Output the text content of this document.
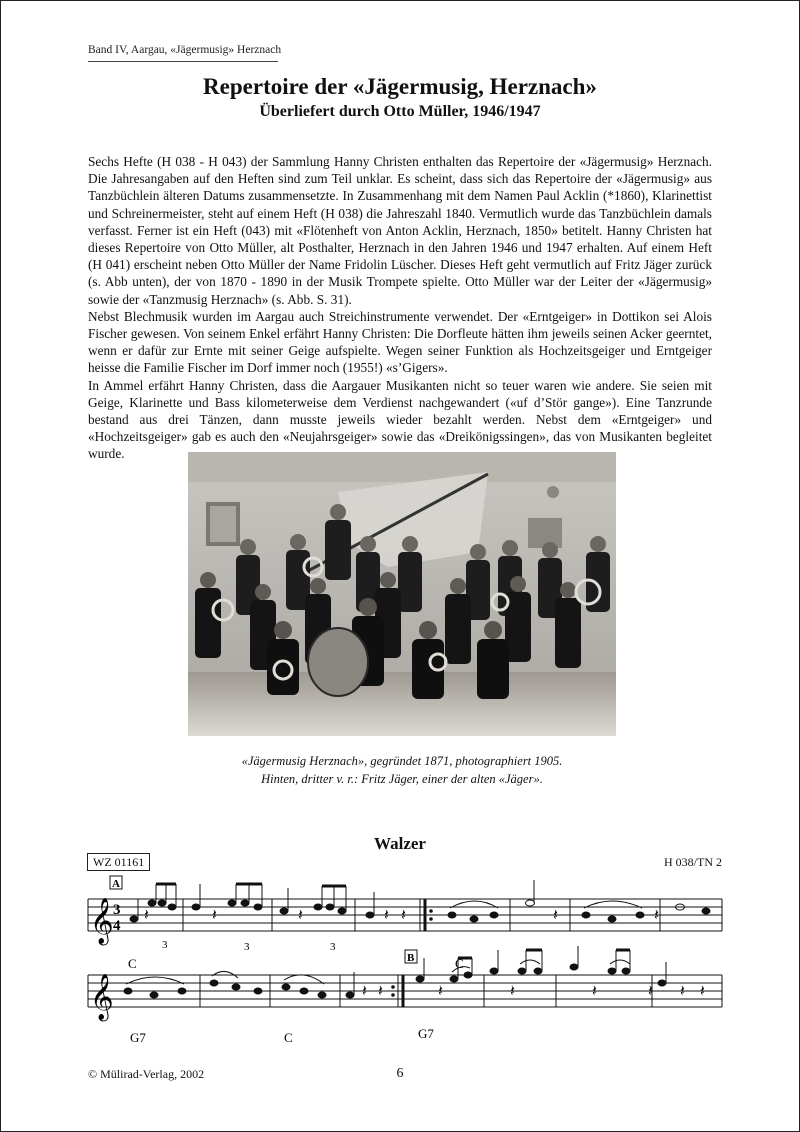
Band IV, Aargau, «Jägermusig» Herznach
Repertoire der «Jägermusig, Herznach»
Überliefert durch Otto Müller, 1946/1947

Sechs Hefte (H 038 - H 043) der Sammlung Hanny Christen enthalten das Repertoire der «Jägermusig» Herznach. Die Jahresangaben auf den Heften sind zum Teil unklar. Es scheint, dass sich das Repertoire der «Jägermusig» aus Tanzbüchlein älteren Datums zusammensetzte. In Zusammenhang mit dem Namen Paul Acklin (*1860), Klarinettist und Schreinermeister, steht auf einem Heft (H 038) die Jahreszahl 1840. Vermutlich wurde das Tanzbüchlein damals verfasst. Ferner ist ein Heft (043) mit «Flötenheft von Anton Acklin, Herznach, 1850» betitelt. Hanny Christen hat dieses Repertoire von Otto Müller, alt Posthalter, Herznach in den Jahren 1946 und 1947 erhalten. Auf einem Heft (H 041) erscheint neben Otto Müller der Name Fridolin Lüscher. Dieses Heft geht vermutlich auf Fritz Jäger zurück (s. Abb unten), der von 1870 - 1890 in der Musik Trompete spielte. Otto Müller war der Leiter der «Jägermusig» sowie der «Tanzmusig Herznach» (s. Abb. S. 31).

Nebst Blechmusik wurden im Aargau auch Streichinstrumente verwendet. Der «Erntgeiger» in Dottikon sei Alois Fischer gewesen. Von seinem Enkel erfährt Hanny Christen: Die Dorfleute hätten ihm jeweils seinen Acker geerntet, wenn er dafür zur Ernte mit seiner Geige aufspielte. Wegen seiner Funktion als Hochzeitsgeiger und Erntgeiger heisse die Familie Fischer im Dorf immer noch (1955!) «s’Gigers».

In Ammel erfährt Hanny Christen, dass die Aargauer Musikanten nicht so teuer waren wie andere. Sie seien mit Geige, Klarinette und Bass kilometerweise dem Verdienst nachgewandert («uf d’Stör gange»). Eine Tanzrunde bestand aus drei Tänzen, dann musste jeweils wieder bezahlt werden. Nebst dem «Erntgeiger» und «Hochzeitsgeiger» gab es auch den «Neujahrsgeiger» sowie das «Dreikönigssingen», das von Musikanten begleitet wurde.

«Jägermusig Herznach», gegründet 1871, photographiert 1905.
Hinten, dritter v. r.: Fritz Jäger, einer der alten «Jäger».
Walzer
WZ 01161	H 038/TN 2
𝄞 3
4
A
𝄽	𝄽	𝄽	𝄽 𝄽	𝄽	𝄽
3	3	3
C	C
𝄞
B
𝄽 𝄽	𝄽	𝄽	𝄽	𝄽 𝄽 𝄽
G7	C	G7
© Mülirad-Verlag, 2002	6
